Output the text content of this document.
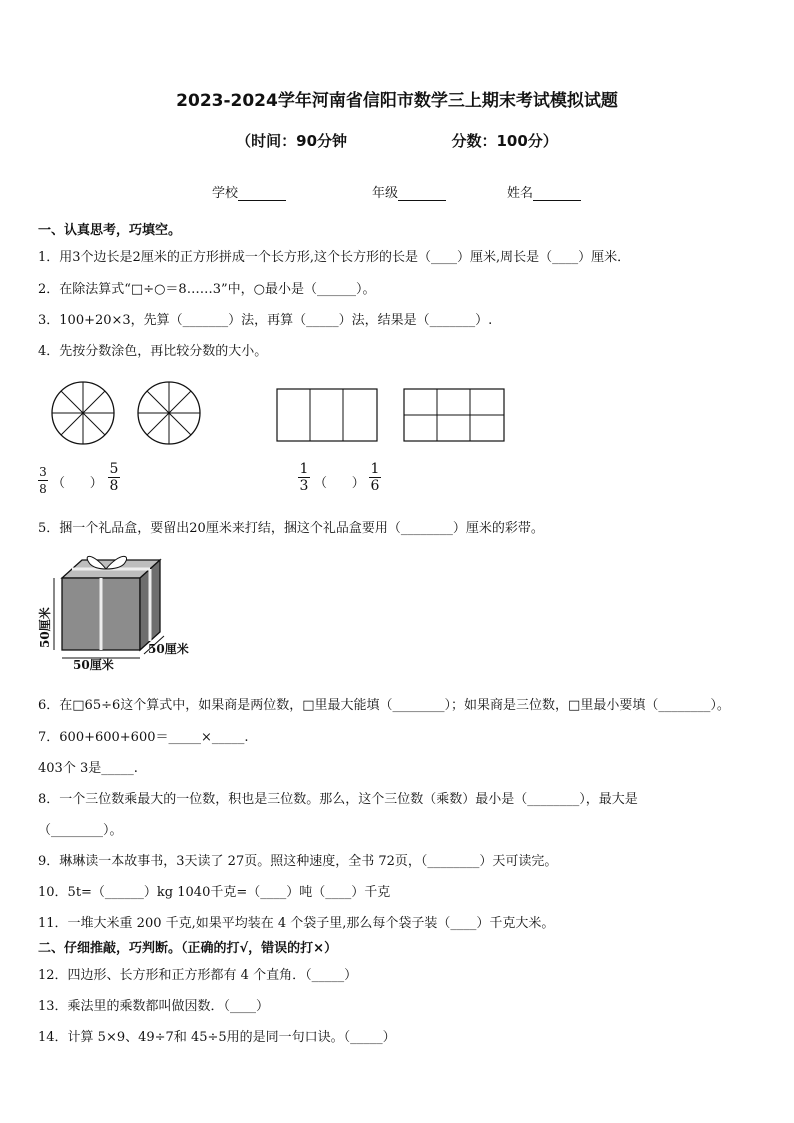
2023-2024学年河南省信阳市数学三上期末考试模拟试题
（时间：90分钟                    分数：100分）
学校	年级	姓名
一、认真思考，巧填空。
1．用3个边长是2厘米的正方形拼成一个长方形,这个长方形的长是（____）厘米,周长是（____）厘米．
2．在除法算式“□÷○＝8……3”中，○最小是（______）。
3．100+20×3，先算（_______）法，再算（_____）法，结果是（_______）.
4．先按分数涂色，再比较分数的大小。
3
8 （      ）
5
8
1
3 （      ）
1
6
5．捆一个礼品盒，要留出20厘米来打结，捆这个礼品盒要用（________）厘米的彩带。
50厘米
50厘米
50厘米
6．在□65÷6这个算式中，如果商是两位数，□里最大能填（________）；如果商是三位数，□里最小要填（________）。
7．600+600+600＝_____×_____.
403个 3是_____.
8．一个三位数乘最大的一位数，积也是三位数。那么，这个三位数（乘数）最小是（________），最大是
（________）。
9．琳琳读一本故事书，3天读了 27页。照这种速度，全书 72页，（________）天可读完。
10．5t=（______）kg 1040千克=（____）吨（____）千克
11．一堆大米重 200 千克,如果平均装在 4 个袋子里,那么每个袋子装（____）千克大米。
二、仔细推敲，巧判断。（正确的打√，错误的打×）
12．四边形、长方形和正方形都有 4 个直角．（_____）
13．乘法里的乘数都叫做因数．（____）
14．计算 5×9、49÷7和 45÷5用的是同一句口诀。（_____）
